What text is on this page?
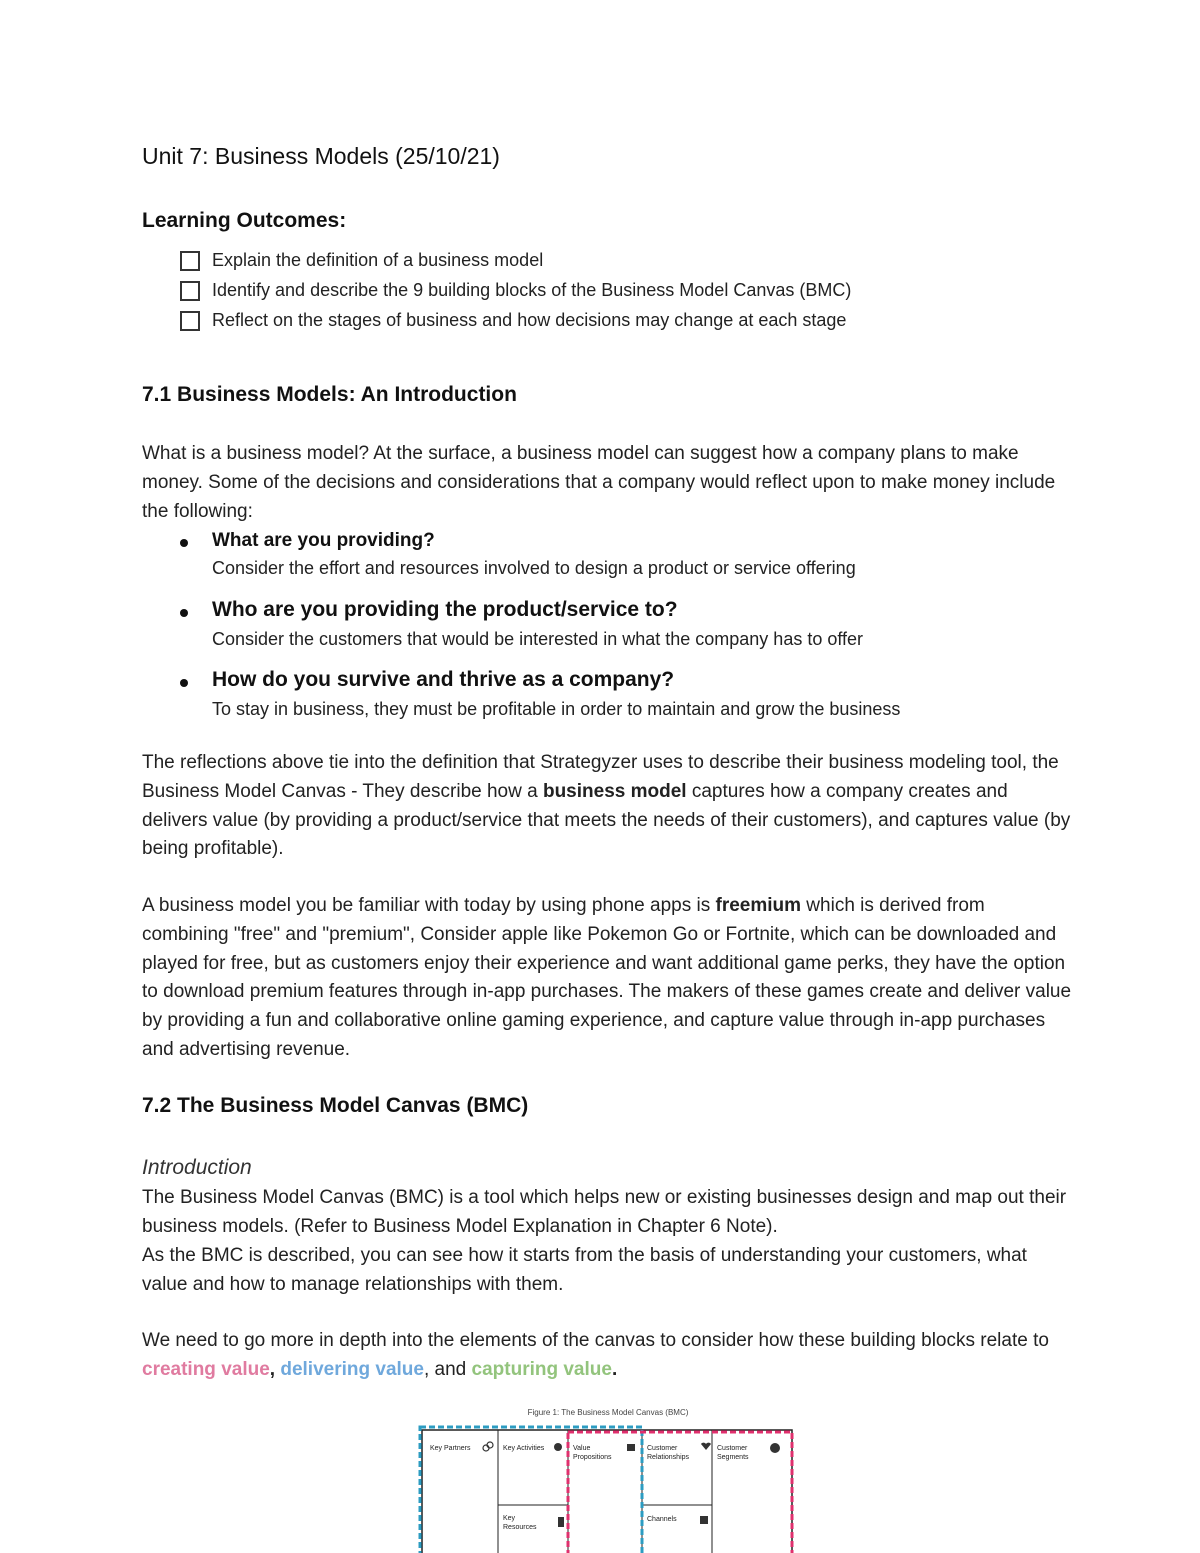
Unit 7: Business Models (25/10/21)
Learning Outcomes:
Explain the definition of a business model
Identify and describe the 9 building blocks of the Business Model Canvas (BMC)
Reflect on the stages of business and how decisions may change at each stage
7.1 Business Models: An Introduction
What is a business model? At the surface, a business model can suggest how a company plans to make money. Some of the decisions and considerations that a company would reflect upon to make money include the following:
What are you providing?
Consider the effort and resources involved to design a product or service offering
Who are you providing the product/service to?
Consider the customers that would be interested in what the company has to offer
How do you survive and thrive as a company?
To stay in business, they must be profitable in order to maintain and grow the business
The reflections above tie into the definition that Strategyzer uses to describe their business modeling tool, the Business Model Canvas - They describe how a business model captures how a company creates and delivers value (by providing a product/service that meets the needs of their customers), and captures value (by being profitable).
A business model you be familiar with today by using phone apps is freemium which is derived from combining "free" and "premium", Consider apple like Pokemon Go or Fortnite, which can be downloaded and played for free, but as customers enjoy their experience and want additional game perks, they have the option to download premium features through in-app purchases. The makers of these games create and deliver value by providing a fun and collaborative online gaming experience, and capture value through in-app purchases and advertising revenue.
7.2 The Business Model Canvas (BMC)
Introduction
The Business Model Canvas (BMC) is a tool which helps new or existing businesses design and map out their business models. (Refer to Business Model Explanation in Chapter 6 Note).
As the BMC is described, you can see how it starts from the basis of understanding your customers, what value and how to manage relationships with them.
We need to go more in depth into the elements of the canvas to consider how these building blocks relate to creating value, delivering value, and capturing value.
Figure 1: The Business Model Canvas (BMC)
Key Partners	Key Activities	Value
Propositions
Customer
Relationships
Customer
Segments
Key
Resources
Channels
